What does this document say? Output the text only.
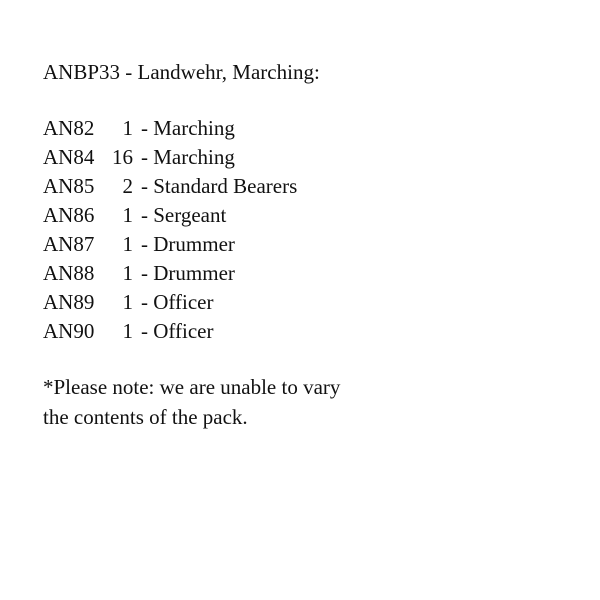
ANBP33 - Landwehr, Marching:
AN82	1 - Marching
AN84 16 - Marching
AN85	2 - Standard Bearers
AN86	1 - Sergeant
AN87	1 - Drummer
AN88	1 - Drummer
AN89	1 - Officer
AN90	1 - Officer
*Please note: we are unable to vary
the contents of the pack.
